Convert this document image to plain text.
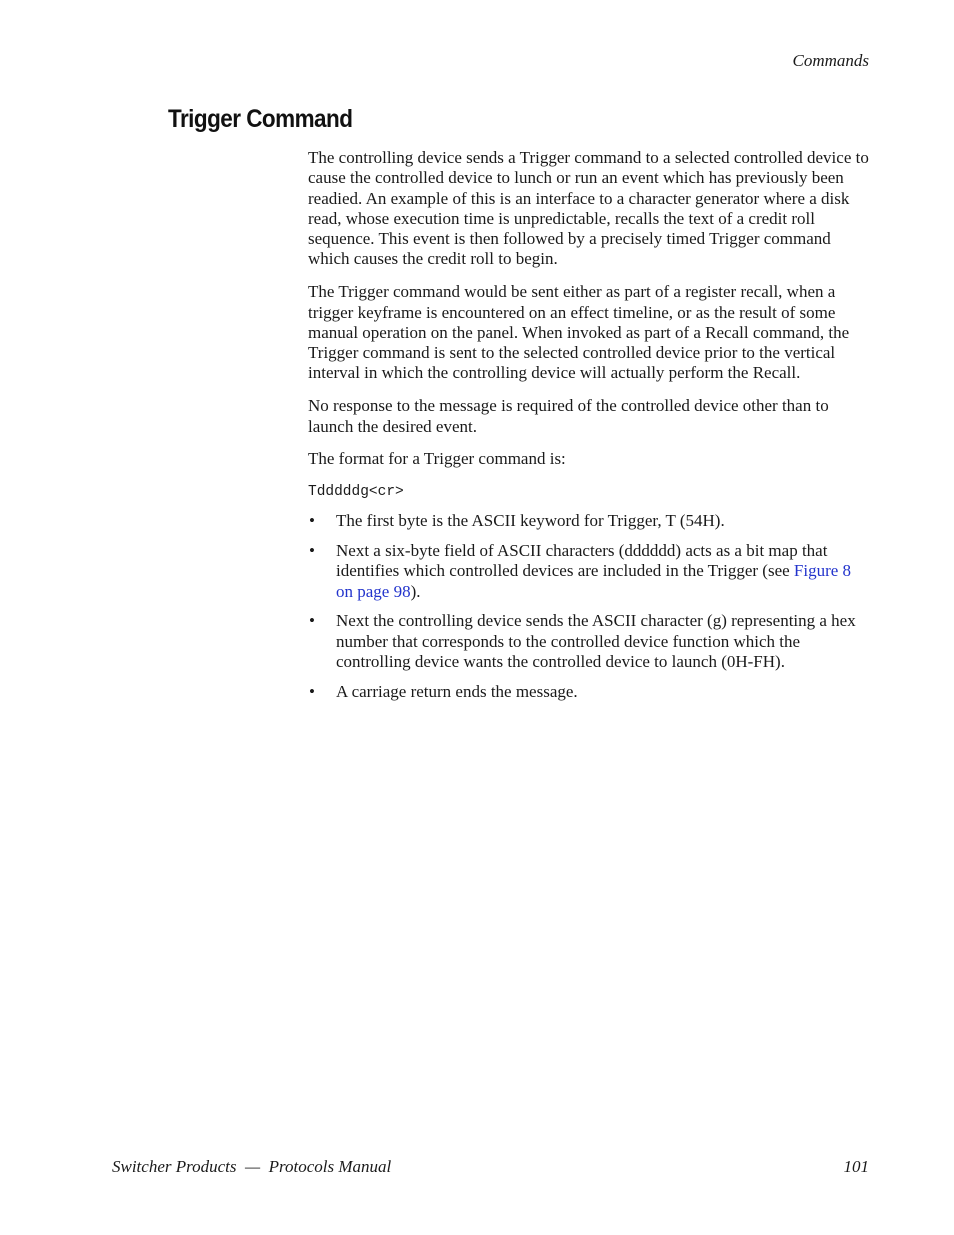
Commands
Trigger Command

The controlling device sends a Trigger command to a selected controlled device to cause the controlled device to lunch or run an event which has previously been readied. An example of this is an interface to a character generator where a disk read, whose execution time is unpredictable, recalls the text of a credit roll sequence. This event is then followed by a precisely timed Trigger command which causes the credit roll to begin.

The Trigger command would be sent either as part of a register recall, when a trigger keyframe is encountered on an effect timeline, or as the result of some manual operation on the panel. When invoked as part of a Recall command, the Trigger command is sent to the selected controlled device prior to the vertical interval in which the controlling device will actually perform the Recall.

No response to the message is required of the controlled device other than to launch the desired event.

The format for a Trigger command is:

Tdddddg<cr>
• The first byte is the ASCII keyword for Trigger, T (54H).
• Next a six-byte field of ASCII characters (dddddd) acts as a bit map that identifies which controlled devices are included in the Trigger (see Figure 8 on page 98).
• Next the controlling device sends the ASCII character (g) representing a hex number that corresponds to the controlled device function which the controlling device wants the controlled device to launch (0H-FH).
• A carriage return ends the message.
Switcher Products  —  Protocols Manual	101
